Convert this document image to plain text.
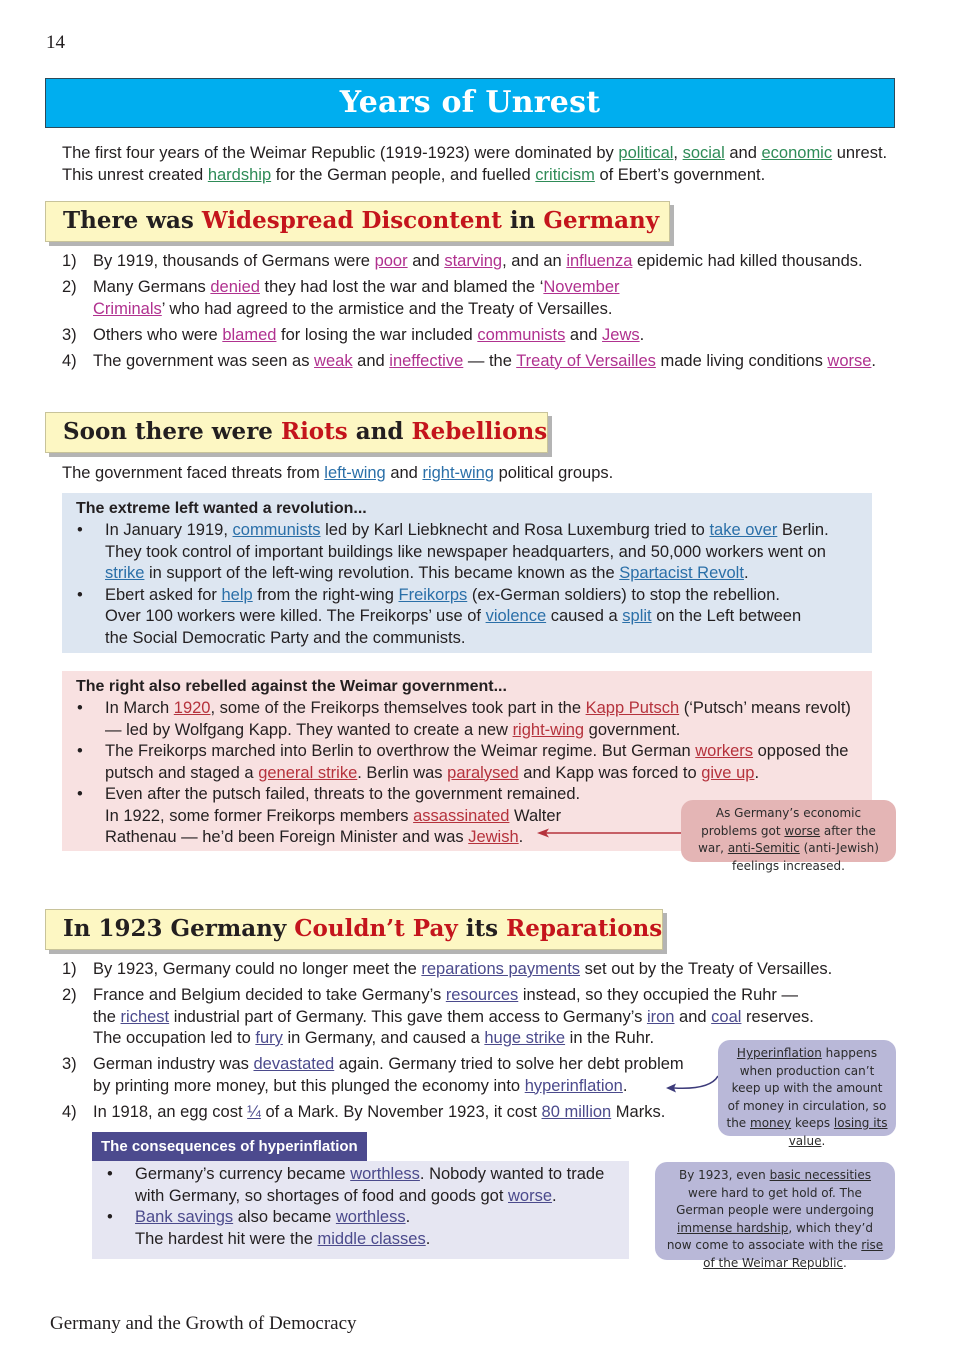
14
Years of Unrest
The first four years of the Weimar Republic (1919-1923) were dominated by political, social and economic unrest. This unrest created hardship for the German people, and fuelled criticism of Ebert’s government.
There was Widespread Discontent in Germany
1) By 1919, thousands of Germans were poor and starving, and an influenza epidemic had killed thousands.
2) Many Germans denied they had lost the war and blamed the ‘November Criminals’ who had agreed to the armistice and the Treaty of Versailles.
3) Others who were blamed for losing the war included communists and Jews.
4) The government was seen as weak and ineffective — the Treaty of Versailles made living conditions worse.
Soon there were Riots and Rebellions
The government faced threats from left-wing and right-wing political groups.
The extreme left wanted a revolution...
• In January 1919, communists led by Karl Liebknecht and Rosa Luxemburg tried to take over Berlin. They took control of important buildings like newspaper headquarters, and 50,000 workers went on strike in support of the left-wing revolution. This became known as the Spartacist Revolt.
• Ebert asked for help from the right-wing Freikorps (ex-German soldiers) to stop the rebellion. Over 100 workers were killed. The Freikorps’ use of violence caused a split on the Left between the Social Democratic Party and the communists.
The right also rebelled against the Weimar government...
• In March 1920, some of the Freikorps themselves took part in the Kapp Putsch (‘Putsch’ means revolt) — led by Wolfgang Kapp. They wanted to create a new right-wing government.
• The Freikorps marched into Berlin to overthrow the Weimar regime. But German workers opposed the putsch and staged a general strike. Berlin was paralysed and Kapp was forced to give up.
• Even after the putsch failed, threats to the government remained.
In 1922, some former Freikorps members assassinated Walter
Rathenau — he’d been Foreign Minister and was Jewish.
As Germany’s economic problems got worse after the war, anti-Semitic (anti-Jewish) feelings increased.
In 1923 Germany Couldn’t Pay its Reparations
1) By 1923, Germany could no longer meet the reparations payments set out by the Treaty of Versailles.
2) France and Belgium decided to take Germany’s resources instead, so they occupied the Ruhr —
the richest industrial part of Germany. This gave them access to Germany’s iron and coal reserves.
The occupation led to fury in Germany, and caused a huge strike in the Ruhr.
3) German industry was devastated again. Germany tried to solve her debt problem
by printing more money, but this plunged the economy into hyperinflation.
4) In 1918, an egg cost ¼ of a Mark. By November 1923, it cost 80 million Marks.
Hyperinflation happens when production can’t keep up with the amount of money in circulation, so the money keeps losing its value.
The consequences of hyperinflation
• Germany’s currency became worthless. Nobody wanted to trade with Germany, so shortages of food and goods got worse.
• Bank savings also became worthless.
The hardest hit were the middle classes.
By 1923, even basic necessities were hard to get hold of. The German people were undergoing immense hardship, which they’d now come to associate with the rise of the Weimar Republic.
Germany and the Growth of Democracy
